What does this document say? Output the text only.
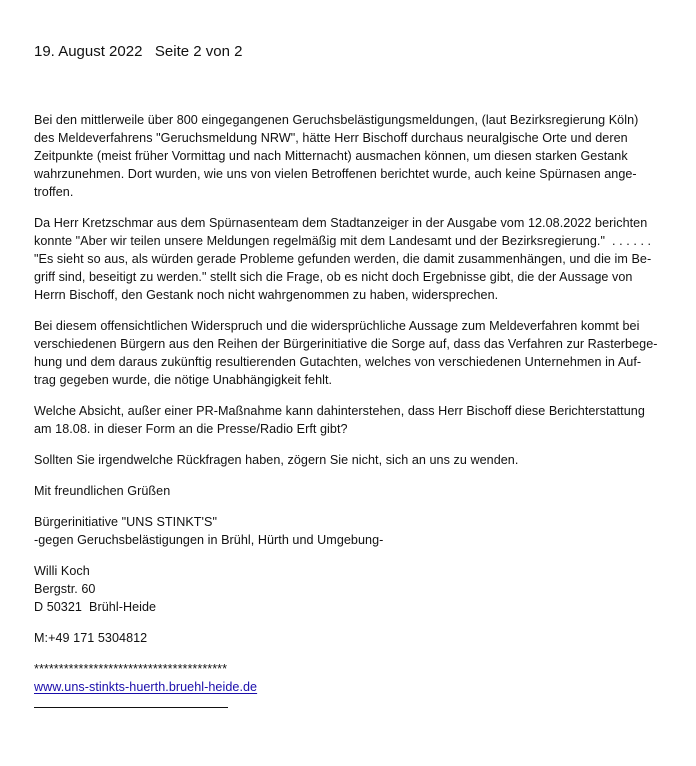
19. August 2022   Seite 2 von 2

Bei den mittlerweile über 800 eingegangenen Geruchsbelästigungsmeldungen, (laut Bezirksregierung Köln)
des Meldeverfahrens "Geruchsmeldung NRW", hätte Herr Bischoff durchaus neuralgische Orte und deren
Zeitpunkte (meist früher Vormittag und nach Mitternacht) ausmachen können, um diesen starken Gestank
wahrzunehmen. Dort wurden, wie uns von vielen Betroffenen berichtet wurde, auch keine Spürnasen ange-
troffen.

Da Herr Kretzschmar aus dem Spürnasenteam dem Stadtanzeiger in der Ausgabe vom 12.08.2022 berichten
konnte "Aber wir teilen unsere Meldungen regelmäßig mit dem Landesamt und der Bezirksregierung."  . . . . . .
"Es sieht so aus, als würden gerade Probleme gefunden werden, die damit zusammenhängen, und die im Be-
griff sind, beseitigt zu werden." stellt sich die Frage, ob es nicht doch Ergebnisse gibt, die der Aussage von
Herrn Bischoff, den Gestank noch nicht wahrgenommen zu haben, widersprechen.

Bei diesem offensichtlichen Widerspruch und die widersprüchliche Aussage zum Meldeverfahren kommt bei
verschiedenen Bürgern aus den Reihen der Bürgerinitiative die Sorge auf, dass das Verfahren zur Rasterbege-
hung und dem daraus zukünftig resultierenden Gutachten, welches von verschiedenen Unternehmen in Auf-
trag gegeben wurde, die nötige Unabhängigkeit fehlt.

Welche Absicht, außer einer PR-Maßnahme kann dahinterstehen, dass Herr Bischoff diese Berichterstattung
am 18.08. in dieser Form an die Presse/Radio Erft gibt?

Sollten Sie irgendwelche Rückfragen haben, zögern Sie nicht, sich an uns zu wenden.

Mit freundlichen Grüßen

Bürgerinitiative "UNS STINKT'S"
-gegen Geruchsbelästigungen in Brühl, Hürth und Umgebung-

Willi Koch
Bergstr. 60
D 50321  Brühl-Heide

M:+49 171 5304812

***************************************
www.uns-stinkts-huerth.bruehl-heide.de
